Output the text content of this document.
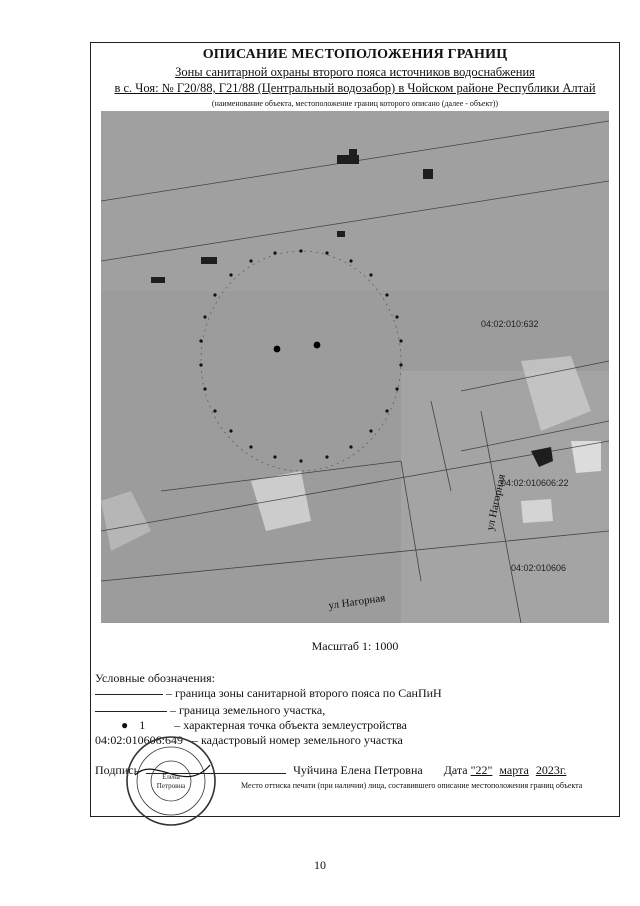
ОПИСАНИЕ МЕСТОПОЛОЖЕНИЯ ГРАНИЦ
Зоны санитарной охраны второго пояса источников водоснабжения
в с. Чоя: № Г20/88, Г21/88 (Центральный водозабор) в Чойском районе Республики Алтай
(наименование объекта, местоположение границ которого описано (далее - объект))
04:02:010606:22
04:02:010606
04:02:010:632
ул Нагорная
ул Нагорная
Масштаб 1: 1000
Условные обозначения:
– граница зоны санитарной второго пояса по СанПиН
– граница земельного участка,
● 1 – характерная точка объекта землеустройства
04:02:010606:649 – кадастровый номер земельного участка
Подпись	Чуйчина Елена Петровна Дата "22" марта 2023г.
Место оттиска печати (при наличии) лица, составившего описание местоположения границ объекта
Елена
Петровна
10
